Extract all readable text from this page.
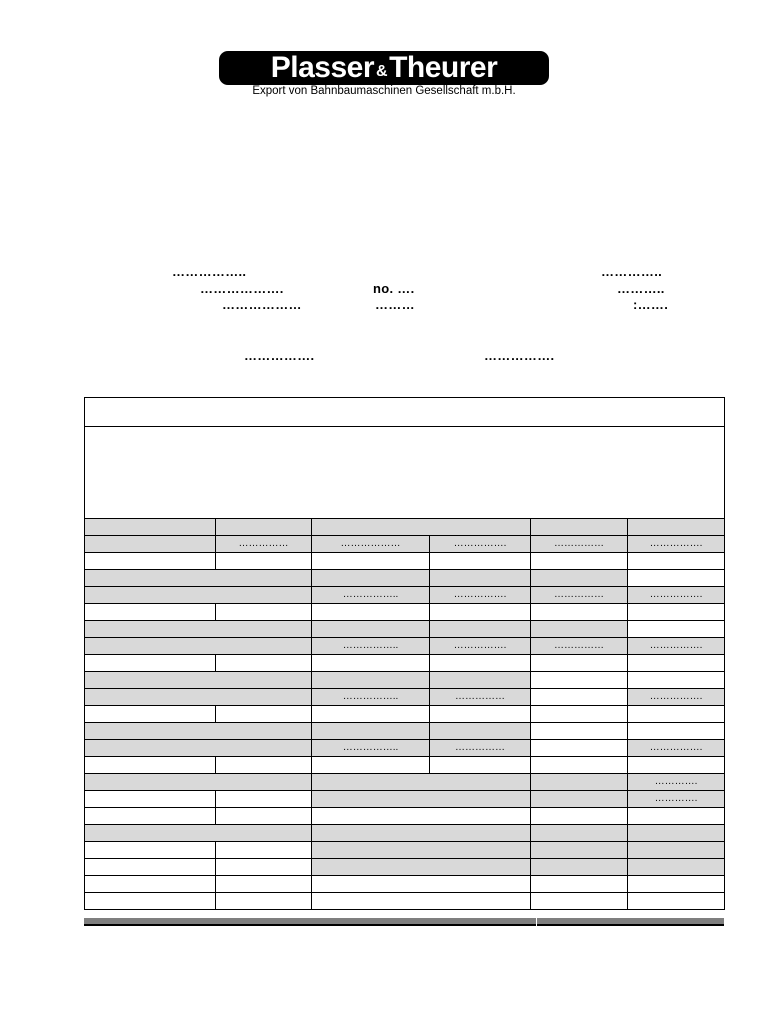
Plasser & Theurer
Export von Bahnbaumaschinen Gesellschaft m.b.H.
……………..	…………..
……………….	no. ….	………..
………………	………	:…….
…………….	…………….

	……………	………………	…………….	……………	…………….

		……………..	…………….	……………	…………….

		……………..	…………….	……………	…………….

		……………..	……………		…………….

		……………..	……………		…………….

					………….
					………….
